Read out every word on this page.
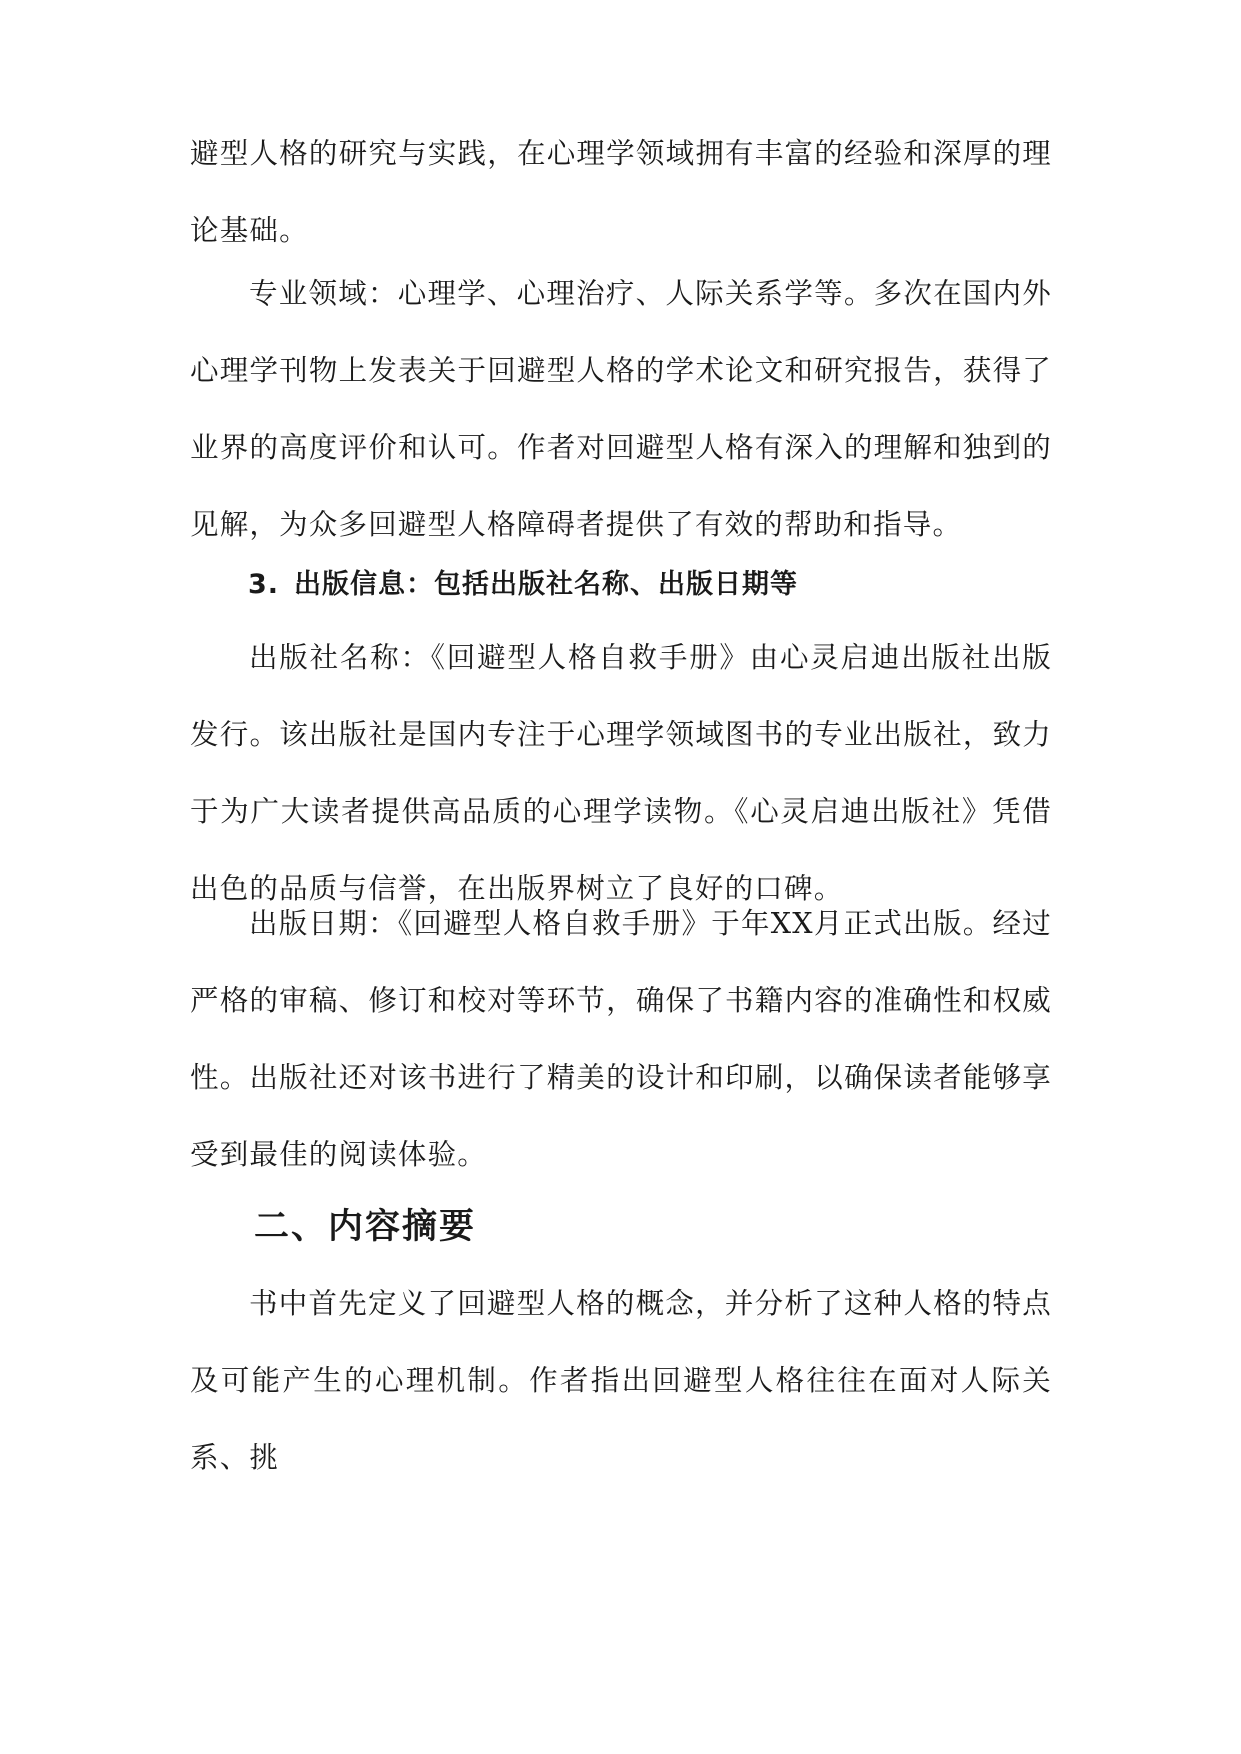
避型人格的研究与实践，在心理学领域拥有丰富的经验和深厚的理论基础。

专业领域：心理学、心理治疗、人际关系学等。多次在国内外心理学刊物上发表关于回避型人格的学术论文和研究报告，获得了业界的高度评价和认可。作者对回避型人格有深入的理解和独到的见解，为众多回避型人格障碍者提供了有效的帮助和指导。

3. 出版信息：包括出版社名称、出版日期等

出版社名称：《回避型人格自救手册》由心灵启迪出版社出版发行。该出版社是国内专注于心理学领域图书的专业出版社，致力于为广大读者提供高品质的心理学读物。《心灵启迪出版社》凭借出色的品质与信誉，在出版界树立了良好的口碑。

出版日期：《回避型人格自救手册》于年XX月正式出版。经过严格的审稿、修订和校对等环节，确保了书籍内容的准确性和权威性。出版社还对该书进行了精美的设计和印刷，以确保读者能够享受到最佳的阅读体验。

二、内容摘要

书中首先定义了回避型人格的概念，并分析了这种人格的特点及可能产生的心理机制。作者指出回避型人格往往在面对人际关系、挑
